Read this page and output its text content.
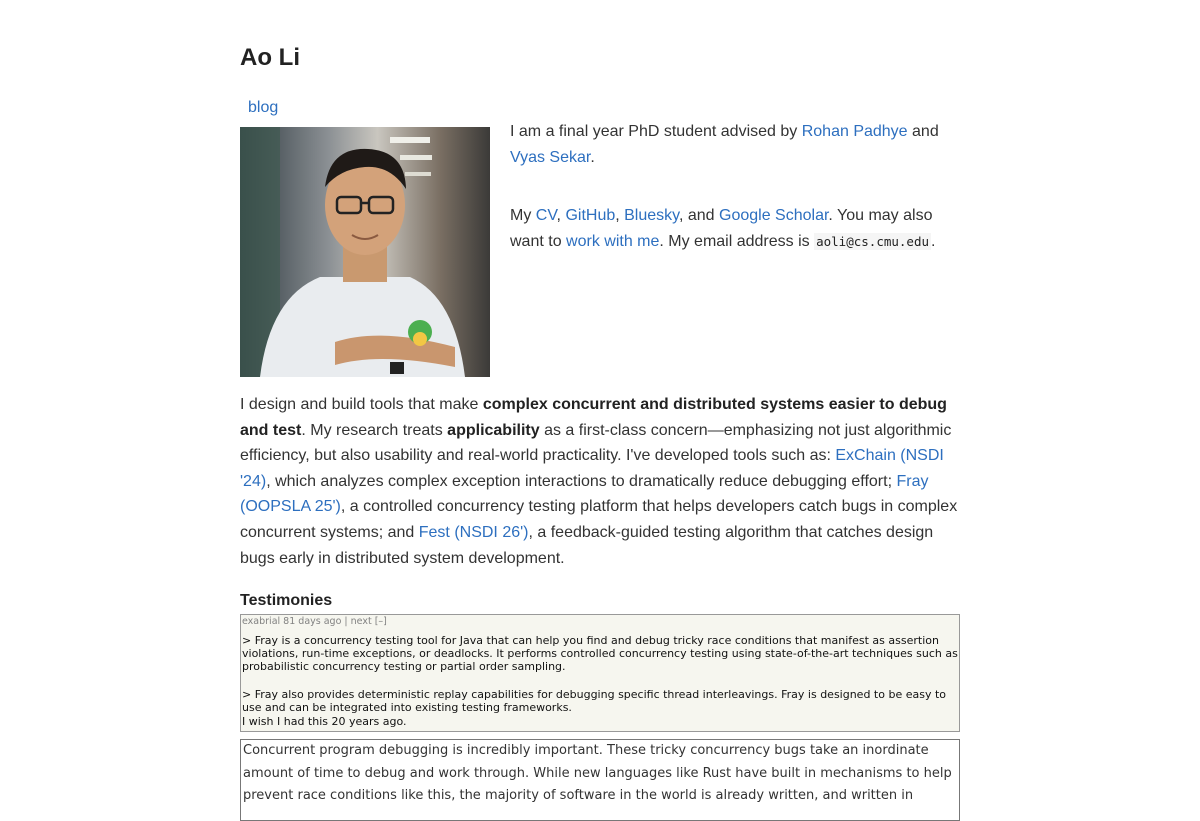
Ao Li
blog

I am a final year PhD student advised by Rohan Padhye and
Vyas Sekar.

My CV, GitHub, Bluesky, and Google Scholar. You may also want to work with me. My email address is aoli@cs.cmu.edu .

I design and build tools that make complex concurrent and distributed systems easier to debug and test. My research treats applicability as a first-class concern—emphasizing not just algorithmic efficiency, but also usability and real-world practicality. I've developed tools such as: ExChain (NSDI '24), which analyzes complex exception interactions to dramatically reduce debugging effort; Fray (OOPSLA 25'), a controlled concurrency testing platform that helps developers catch bugs in complex concurrent systems; and Fest (NSDI 26'), a feedback-guided testing algorithm that catches design bugs early in distributed system development.

Testimonies
exabrial 81 days ago | next [–]

> Fray is a concurrency testing tool for Java that can help you find and debug tricky race conditions that manifest as assertion violations, run-time exceptions, or deadlocks. It performs controlled concurrency testing using state-of-the-art techniques such as probabilistic concurrency testing or partial order sampling.

> Fray also provides deterministic replay capabilities for debugging specific thread interleavings. Fray is designed to be easy to use and can be integrated into existing testing frameworks.

I wish I had this 20 years ago.

Concurrent program debugging is incredibly important. These tricky concurrency bugs take an inordinate amount of time to debug and work through. While new languages like Rust have built in mechanisms to help prevent race conditions like this, the majority of software in the world is already written, and written in
